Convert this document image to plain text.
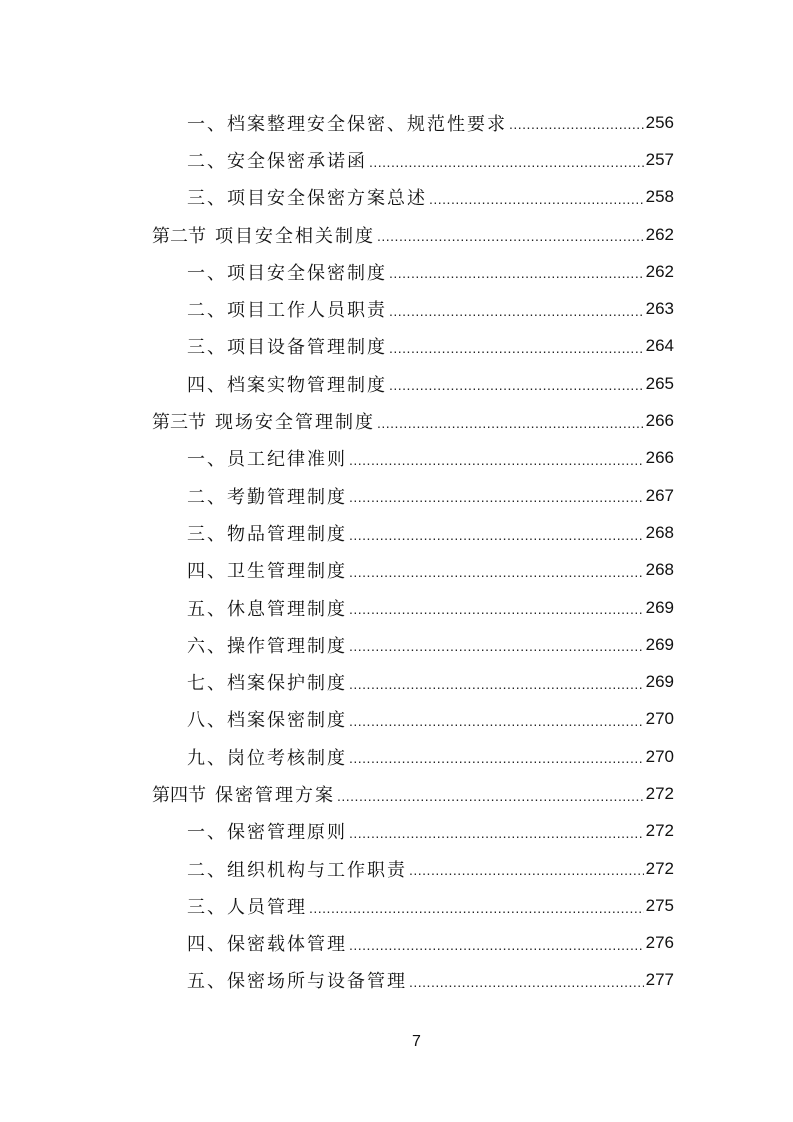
一、档案整理安全保密、规范性要求 .....	256
二、安全保密承诺函 .....	257
三、项目安全保密方案总述 .....	258
第二节 项目安全相关制度 .....	262
一、项目安全保密制度 .....	262
二、项目工作人员职责 .....	263
三、项目设备管理制度 .....	264
四、档案实物管理制度 .....	265
第三节 现场安全管理制度 .....	266
一、员工纪律准则 .....	266
二、考勤管理制度 .....	267
三、物品管理制度 .....	268
四、卫生管理制度 .....	268
五、休息管理制度 .....	269
六、操作管理制度 .....	269
七、档案保护制度 .....	269
八、档案保密制度 .....	270
九、岗位考核制度 .....	270
第四节 保密管理方案 .....	272
一、保密管理原则 .....	272
二、组织机构与工作职责 .....	272
三、人员管理 .....	275
四、保密载体管理 .....	276
五、保密场所与设备管理 .....	277
7
